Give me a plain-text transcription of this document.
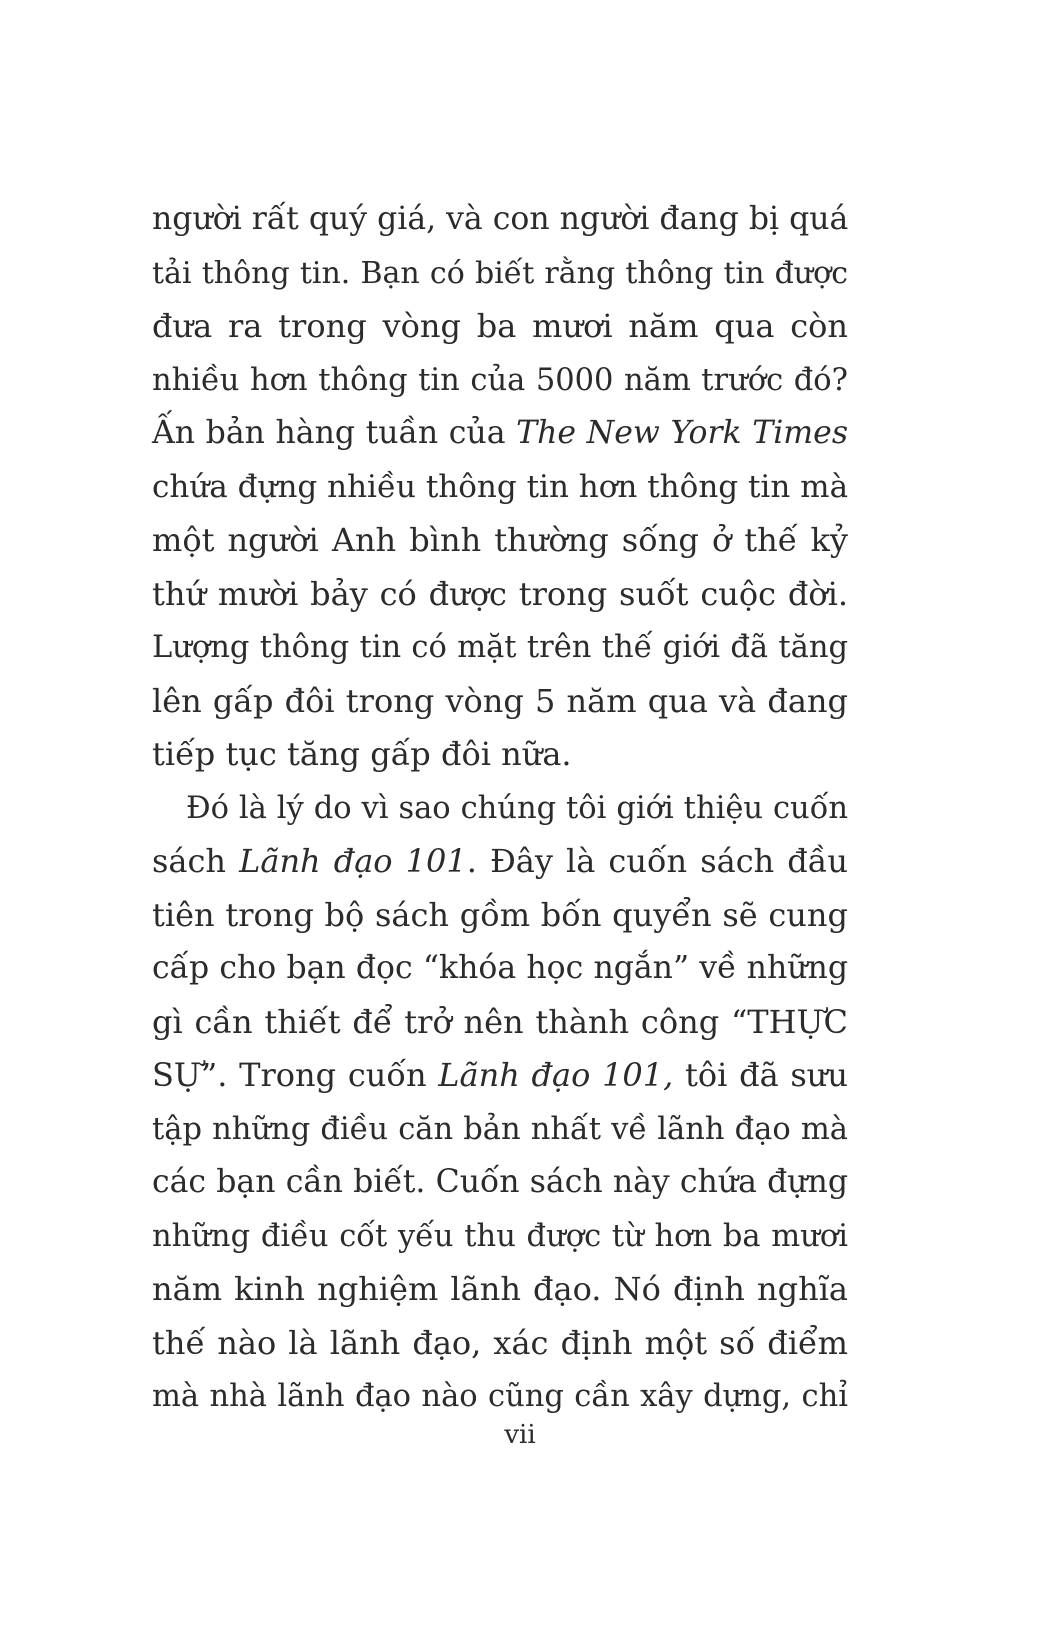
người rất quý giá, và con người đang bị quá
tải thông tin. Bạn có biết rằng thông tin được
đưa ra trong vòng ba mươi năm qua còn
nhiều hơn thông tin của 5000 năm trước đó?
Ấn bản hàng tuần của The New York Times
chứa đựng nhiều thông tin hơn thông tin mà
một người Anh bình thường sống ở thế kỷ
thứ mười bảy có được trong suốt cuộc đời.
Lượng thông tin có mặt trên thế giới đã tăng
lên gấp đôi trong vòng 5 năm qua và đang
tiếp tục tăng gấp đôi nữa.
Đó là lý do vì sao chúng tôi giới thiệu cuốn
sách Lãnh đạo 101. Đây là cuốn sách đầu
tiên trong bộ sách gồm bốn quyển sẽ cung
cấp cho bạn đọc “khóa học ngắn” về những
gì cần thiết để trở nên thành công “THỰC
SỰ”. Trong cuốn Lãnh đạo 101, tôi đã sưu
tập những điều căn bản nhất về lãnh đạo mà
các bạn cần biết. Cuốn sách này chứa đựng
những điều cốt yếu thu được từ hơn ba mươi
năm kinh nghiệm lãnh đạo. Nó định nghĩa
thế nào là lãnh đạo, xác định một số điểm
mà nhà lãnh đạo nào cũng cần xây dựng, chỉ
vii
